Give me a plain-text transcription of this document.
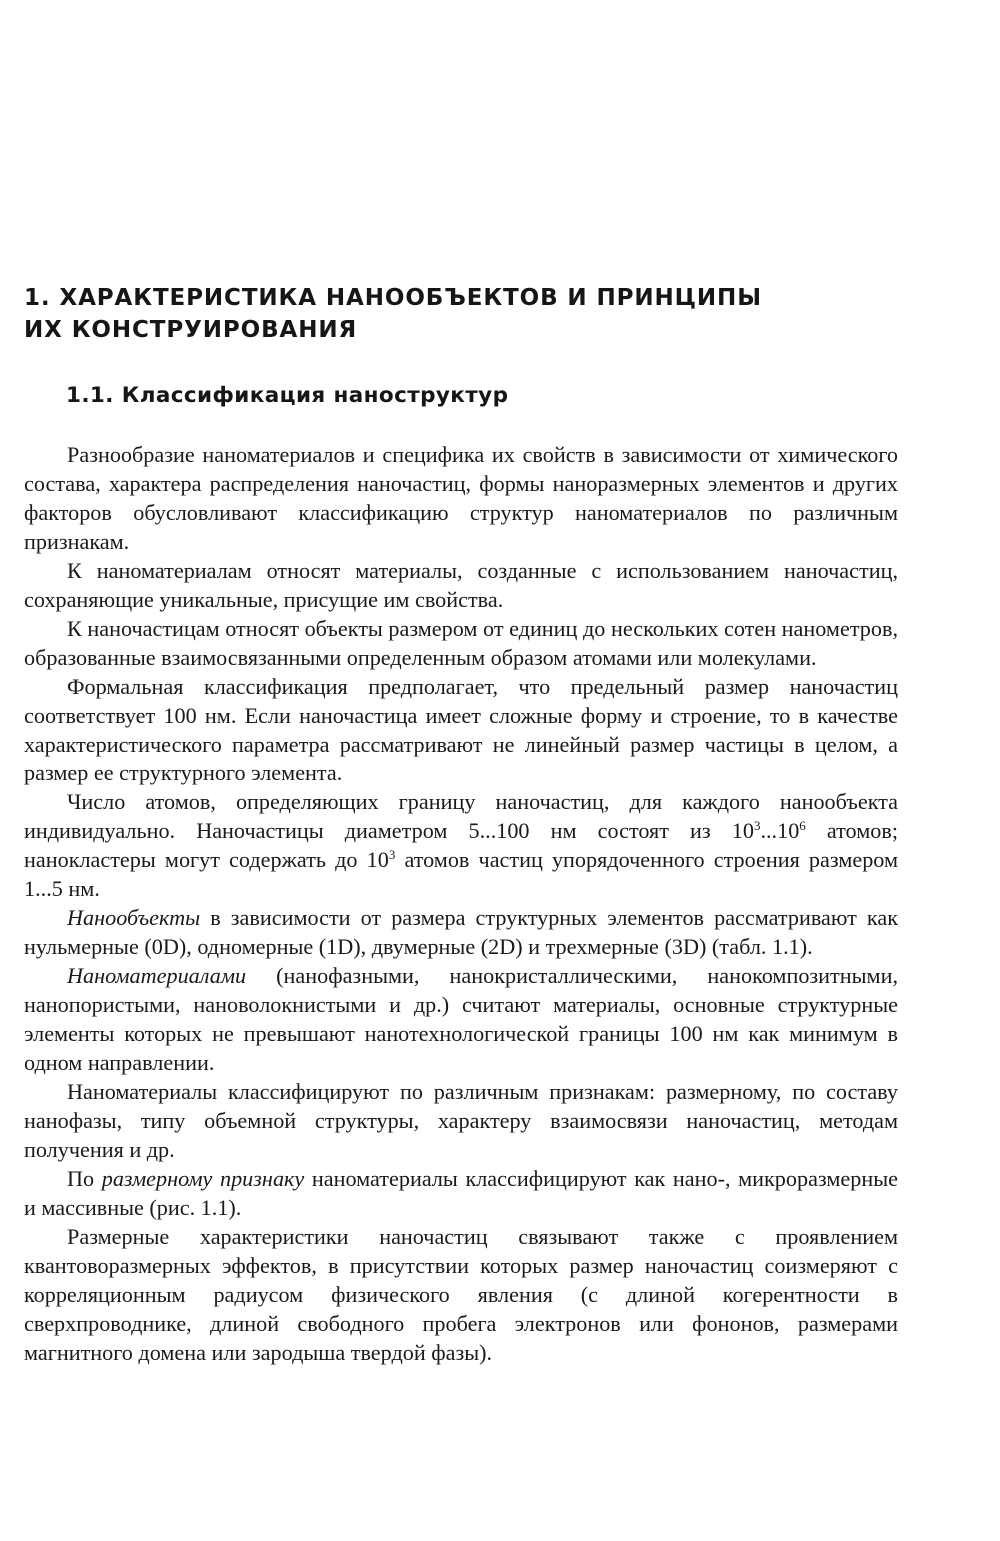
1. ХАРАКТЕРИСТИКА НАНООБЪЕКТОВ И ПРИНЦИПЫ
ИХ КОНСТРУИРОВАНИЯ
1.1. Классификация наноструктур

Разнообразие наноматериалов и специфика их свойств в зависимости от химического состава, характера распределения наночастиц, формы наноразмерных элементов и других факторов обусловливают классификацию структур наноматериалов по различным признакам.

К наноматериалам относят материалы, созданные с использованием наночастиц, сохраняющие уникальные, присущие им свойства.

К наночастицам относят объекты размером от единиц до нескольких сотен нанометров, образованные взаимосвязанными определенным образом атомами или молекулами.

Формальная классификация предполагает, что предельный размер наночастиц соответствует 100 нм. Если наночастица имеет сложные форму и строение, то в качестве характеристического параметра рассматривают не линейный размер частицы в целом, а размер ее структурного элемента.

Число атомов, определяющих границу наночастиц, для каждого нанообъекта индивидуально. Наночастицы диаметром 5...100 нм состоят из $10^3...10^6$ атомов; нанокластеры могут содержать до $10^3$ атомов частиц упорядоченного строения размером 1...5 нм.

Нанообъекты в зависимости от размера структурных элементов рассматривают как нульмерные (0D), одномерные (1D), двумерные (2D) и трехмерные (3D) (табл. 1.1).

Наноматериалами (нанофазными, нанокристаллическими, нанокомпозитными, нанопористыми, нановолокнистыми и др.) считают материалы, основные структурные элементы которых не превышают нанотехнологической границы 100 нм как минимум в одном направлении.

Наноматериалы классифицируют по различным признакам: размерному, по составу нанофазы, типу объемной структуры, характеру взаимосвязи наночастиц, методам получения и др.

По размерному признаку наноматериалы классифицируют как нано-, микроразмерные и массивные (рис. 1.1).

Размерные характеристики наночастиц связывают также с проявлением квантоворазмерных эффектов, в присутствии которых размер наночастиц соизмеряют с корреляционным радиусом физического явления (с длиной когерентности в сверхпроводнике, длиной свободного пробега электронов или фононов, размерами магнитного домена или зародыша твердой фазы).
